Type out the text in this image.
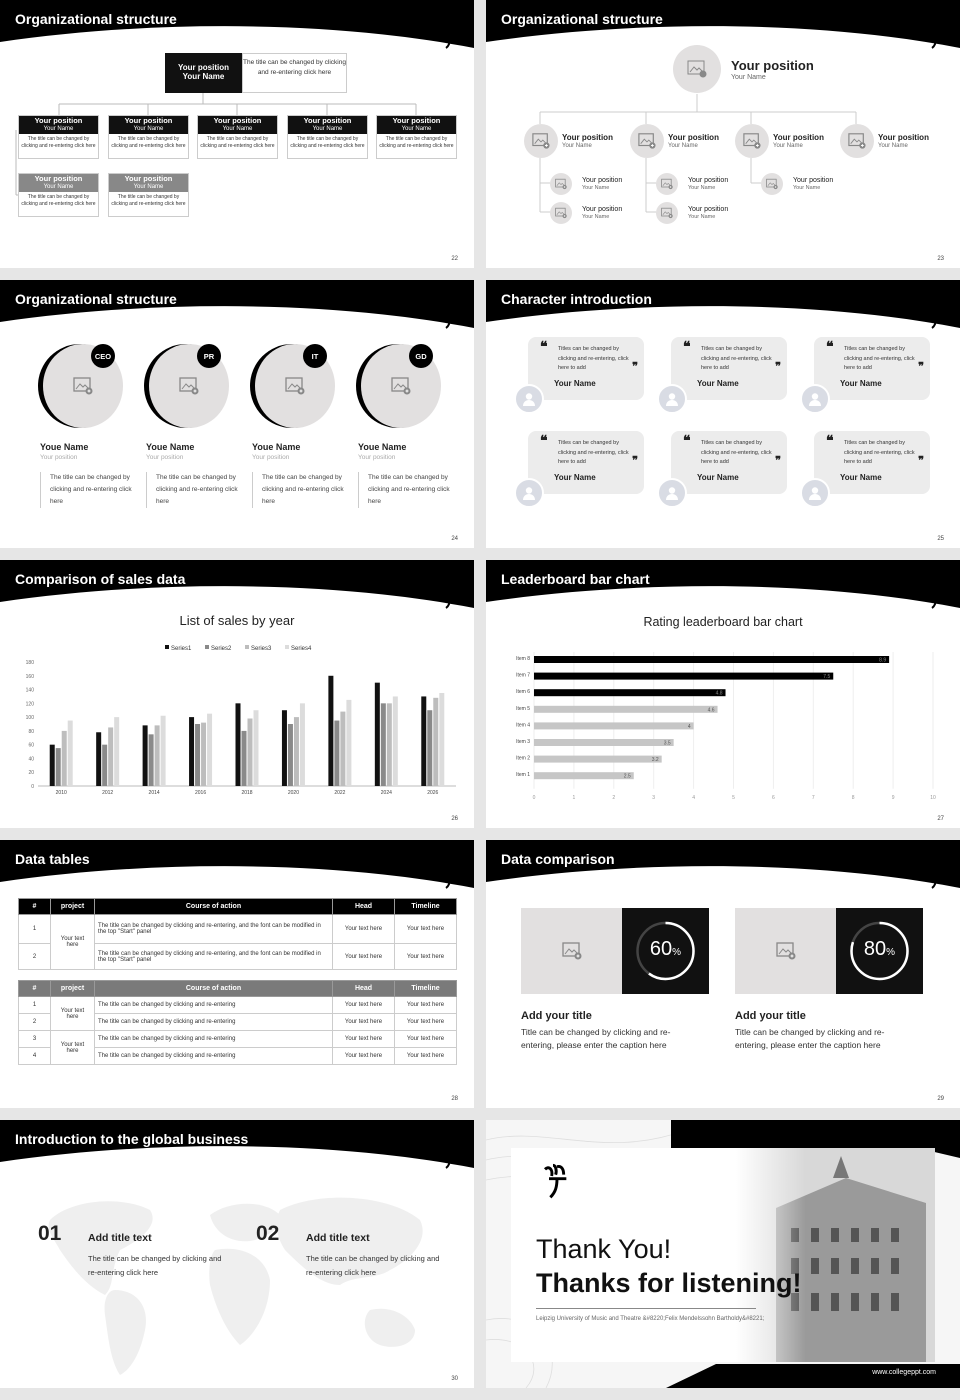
Organizational structure
Your position
Your Name
The title can be changed by clicking and re-entering click here
Your position
Your Name
The title can be changed by clicking and re-entering click here
Your position
Your Name
The title can be changed by clicking and re-entering click here
Your position
Your Name
The title can be changed by clicking and re-entering click here
Your position
Your Name
The title can be changed by clicking and re-entering click here
Your position
Your Name
The title can be changed by clicking and re-entering click here
Your position
Your Name
The title can be changed by clicking and re-entering click here
Your position
Your Name
The title can be changed by clicking and re-entering click here
22
Organizational structure
Your position
Your Name
Your position
Your Name
Your position
Your Name
Your position
Your Name
Your position
Your Name
Your position
Your Name
Your position
Your Name
Your position
Your Name
Your position
Your Name
Your position
Your Name
23
Organizational structure
CEO
Youe Name
Your position
The title can be changed by clicking and re-entering click here
PR
Youe Name
Your position
The title can be changed by clicking and re-entering click here
IT
Youe Name
Your position
The title can be changed by clicking and re-entering click here
GD
Youe Name
Your position
The title can be changed by clicking and re-entering click here
24
Character introduction
❝ Titles can be changed by clicking and re-entering, click here to add	❞
Your Name
❝ Titles can be changed by clicking and re-entering, click here to add	❞
Your Name
❝ Titles can be changed by clicking and re-entering, click here to add	❞
Your Name
❝ Titles can be changed by clicking and re-entering, click here to add	❞
Your Name
❝ Titles can be changed by clicking and re-entering, click here to add	❞
Your Name
❝ Titles can be changed by clicking and re-entering, click here to add	❞
Your Name
25
Comparison of sales data
List of sales by year
Series1	Series2	Series3	Series4
0
20
40
60
80
100
120
140
160
180
2010	2012	2014	2016	2018	2020	2022	2024	2026
26
Leaderboard bar chart
Rating leaderboard bar chart
0	1	2	3	4	5	6	7	8	9	10
Item 8	8.9
Item 7	7.5
Item 6	4.8
Item 5	4.6
Item 4	4
Item 3	3.5
Item 2	3.2
Item 1	2.5
27
Data tables
#	project	Course of action	Head	Timeline
1	Your text here	The title can be changed by clicking and re-entering, and the font can be modified in the top "Start" panel	Your text here	Your text here
2		The title can be changed by clicking and re-entering, and the font can be modified in the top "Start" panel	Your text here	Your text here
#	project	Course of action	Head	Timeline
1	Your text here	The title can be changed by clicking and re-entering	Your text here	Your text here
2		The title can be changed by clicking and re-entering	Your text here	Your text here
3	Your text here	The title can be changed by clicking and re-entering	Your text here	Your text here
4		The title can be changed by clicking and re-entering	Your text here	Your text here
28
Data comparison
60%
Add your title
Title can be changed by clicking and re-entering, please enter the caption here
80%
Add your title
Title can be changed by clicking and re-entering, please enter the caption here
29
Introduction to the global business
01	Add title text
The title can be changed by clicking and re-entering click here
02	Add title text
The title can be changed by clicking and re-entering click here
30
Thank You!
Thanks for listening!
Leipzig University of Music and Theatre &#8220;Felix Mendelssohn Bartholdy&#8221;
www.collegeppt.com
